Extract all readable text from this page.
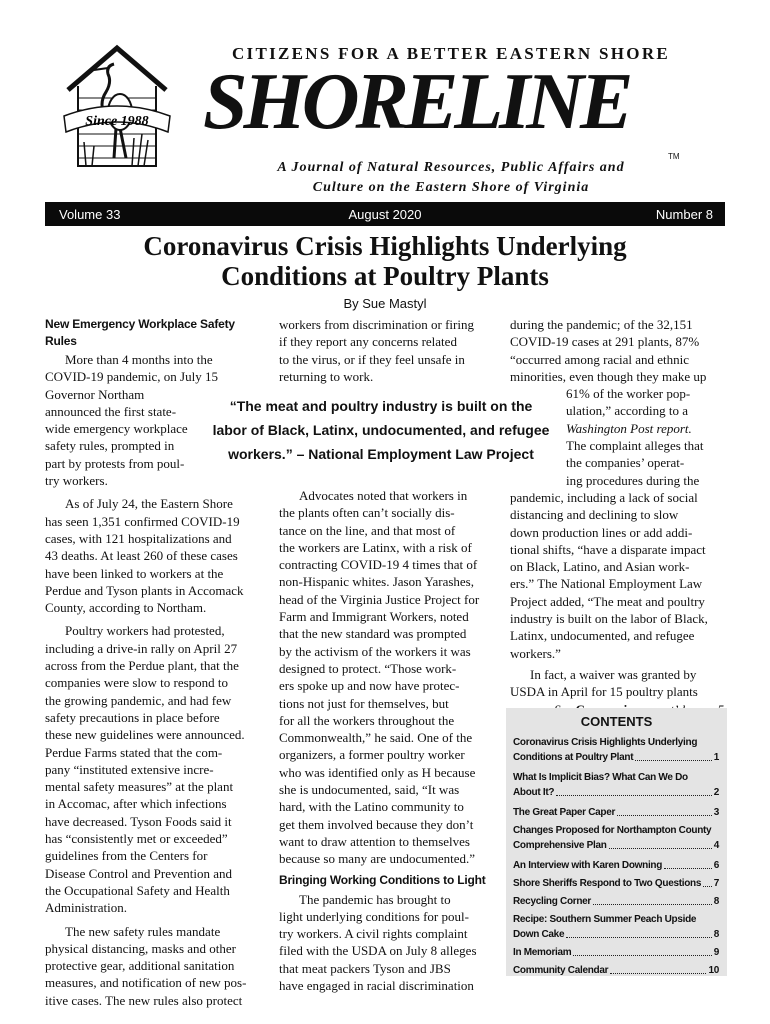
Since 1988
CITIZENS FOR A BETTER EASTERN SHORE
SHORELINE
TM
A Journal of Natural Resources, Public Affairs and
Culture on the Eastern Shore of Virginia
August 2020
Volume 33	Number 8
Coronavirus Crisis Highlights Underlying
Conditions at Poultry Plants
By Sue Mastyl
New Emergency Workplace Safety
Rules

More than 4 months into the

COVID-19 pandemic, on July 15

Governor Northam

announced the first state-

wide emergency workplace

safety rules, prompted in

part by protests from poul-

try workers.

As of July 24, the Eastern Shore

has seen 1,351 confirmed COVID-19

cases, with 121 hospitalizations and

43 deaths. At least 260 of these cases

have been linked to workers at the

Perdue and Tyson plants in Accomack

County, according to Northam.

Poultry workers had protested,

including a drive-in rally on April 27

across from the Perdue plant, that the

companies were slow to respond to

the growing pandemic, and had few

safety precautions in place before

these new guidelines were announced.

Perdue Farms stated that the com-

pany “instituted extensive incre-

mental safety measures” at the plant

in Accomac, after which infections

have decreased. Tyson Foods said it

has “consistently met or exceeded”

guidelines from the Centers for

Disease Control and Prevention and

the Occupational Safety and Health

Administration.

The new safety rules mandate

physical distancing, masks and other

protective gear, additional sanitation

measures, and notification of new pos-

itive cases. The new rules also protect

workers from discrimination or firing

if they report any concerns related

to the virus, or if they feel unsafe in

returning to work.

Advocates noted that workers in

the plants often can’t socially dis-

tance on the line, and that most of

the workers are Latinx, with a risk of

contracting COVID-19 4 times that of

non-Hispanic whites. Jason Yarashes,

head of the Virginia Justice Project for

Farm and Immigrant Workers, noted

that the new standard was prompted

by the activism of the workers it was

designed to protect. “Those work-

ers spoke up and now have protec-

tions not just for themselves, but

for all the workers throughout the

Commonwealth,” he said. One of the

organizers, a former poultry worker

who was identified only as H because

she is undocumented, said, “It was

hard, with the Latino community to

get them involved because they don’t

want to draw attention to themselves

because so many are undocumented.”

Bringing Working Conditions to Light

The pandemic has brought to

light underlying conditions for poul-

try workers. A civil rights complaint

filed with the USDA on July 8 alleges

that meat packers Tyson and JBS

have engaged in racial discrimination

during the pandemic; of the 32,151

COVID-19 cases at 291 plants, 87%

“occurred among racial and ethnic

minorities, even though they make up

61% of the worker pop-

ulation,” according to a

Washington Post report.

The complaint alleges that

the companies’ operat-

ing procedures during the

pandemic, including a lack of social

distancing and declining to slow

down production lines or add addi-

tional shifts, “have a disparate impact

on Black, Latino, and Asian work-

ers.” The National Employment Law

Project added, “The meat and poultry

industry is built on the labor of Black,

Latinx, undocumented, and refugee

workers.”

In fact, a waiver was granted by

USDA in April for 15 poultry plants

“The meat and poultry industry is built on the
labor of Black, Latinx, undocumented, and refugee
workers.” – National Employment Law Project
CONTENTS
Coronavirus Crisis Highlights Underlying
Conditions at Poultry Plant	1
What Is Implicit Bias? What Can We Do
About It?	2
The Great Paper Caper	3
Changes Proposed for Northampton County
Comprehensive Plan	4
An Interview with Karen Downing	6
Shore Sheriffs Respond to Two Questions 7
Recycling Corner	8
Recipe: Southern Summer Peach Upside
Down Cake	8
In Memoriam	9
Community Calendar	10
